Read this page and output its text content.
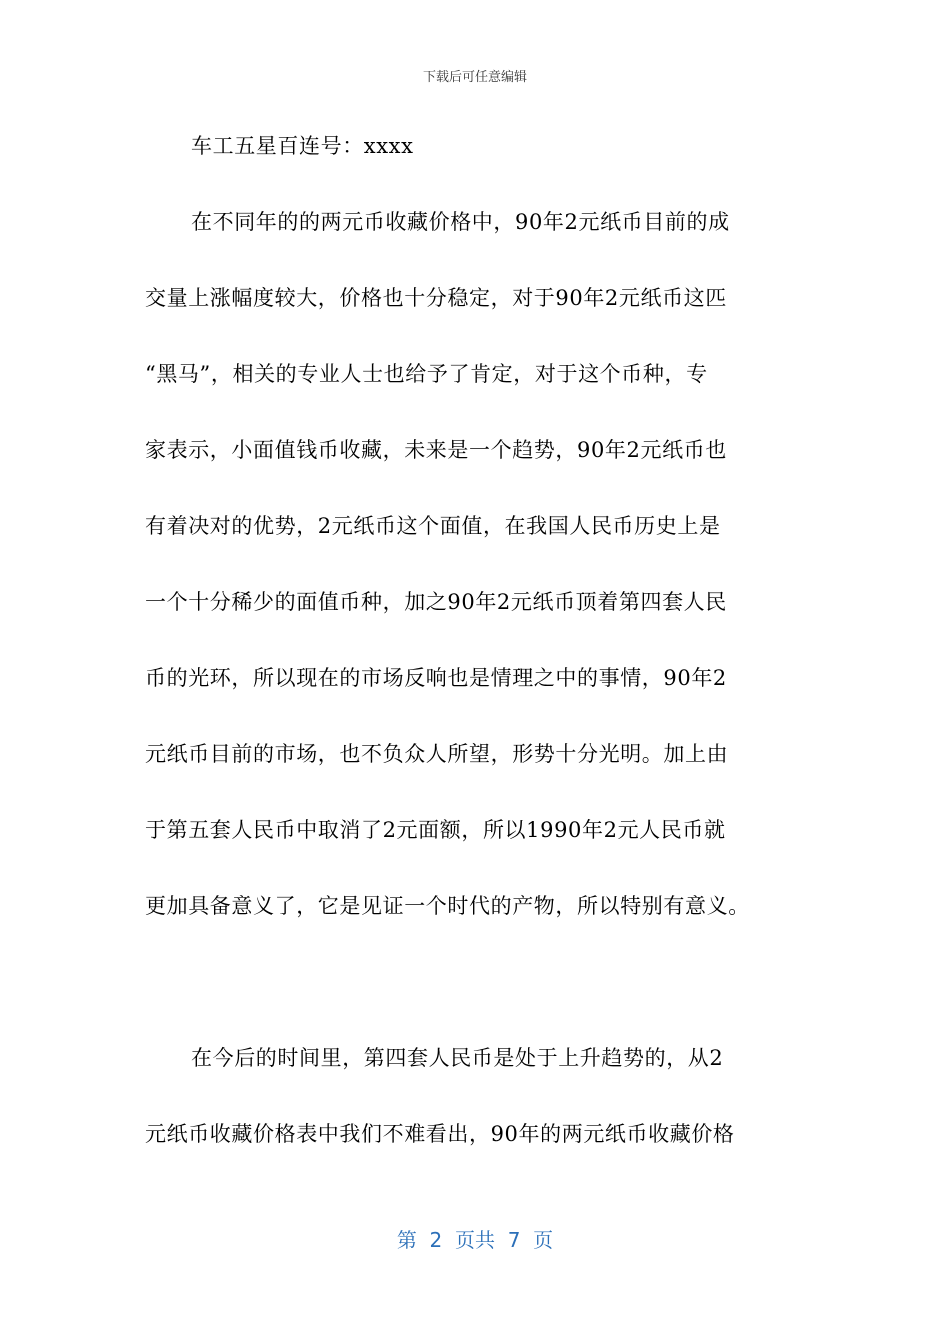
下载后可任意编辑
车工五星百连号：xxxx
在不同年的的两元币收藏价格中，90年2元纸币目前的成
交量上涨幅度较大，价格也十分稳定，对于90年2元纸币这匹
“黑马”，相关的专业人士也给予了肯定，对于这个币种，专
家表示，小面值钱币收藏，未来是一个趋势，90年2元纸币也
有着决对的优势，2元纸币这个面值，在我国人民币历史上是
一个十分稀少的面值币种，加之90年2元纸币顶着第四套人民
币的光环，所以现在的市场反响也是情理之中的事情，90年2
元纸币目前的市场，也不负众人所望，形势十分光明。加上由
于第五套人民币中取消了2元面额，所以1990年2元人民币就
更加具备意义了，它是见证一个时代的产物，所以特别有意义。
在今后的时间里，第四套人民币是处于上升趋势的，从2
元纸币收藏价格表中我们不难看出，90年的两元纸币收藏价格
第  2  页共  7  页
